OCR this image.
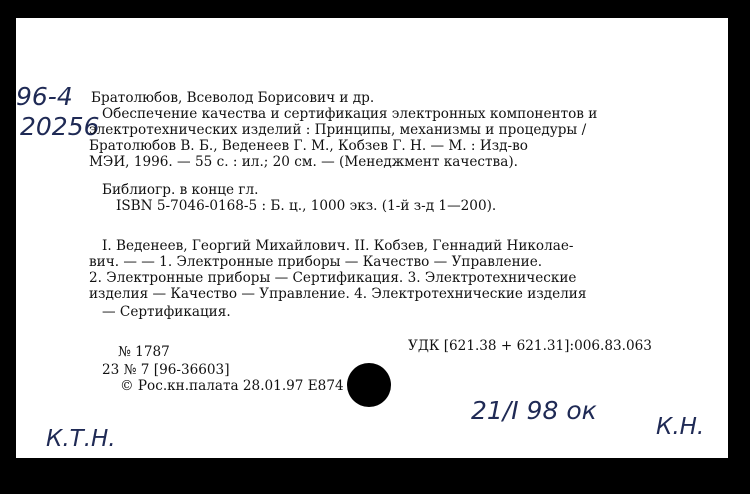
96-4
20256
Братолюбов, Всеволод Борисович и др.
Обеспечение качества и сертификация электронных компонентов и
электротехнических изделий : Принципы, механизмы и процедуры /
Братолюбов В. Б., Веденеев Г. М., Кобзев Г. Н. — М. : Изд-во
МЭИ, 1996. — 55 с. : ил.; 20 см. — (Менеджмент качества).
Библиогр. в конце гл.
ISBN 5-7046-0168-5 : Б. ц., 1000 экз. (1-й з-д 1—200).
I. Веденеев, Георгий Михайлович. II. Кобзев, Геннадий Николае-
вич. — — 1. Электронные приборы — Качество — Управление.
2. Электронные приборы — Сертификация. 3. Электротехнические
изделия — Качество — Управление. 4. Электротехнические изделия
— Сертификация.
№ 1787	УДК [621.38 + 621.31]:006.83.063
23 № 7 [96-36603]
© Рос.кн.палата 28.01.97 Е874
21/I 98 ок
К.Н.
К.Т.Н.
